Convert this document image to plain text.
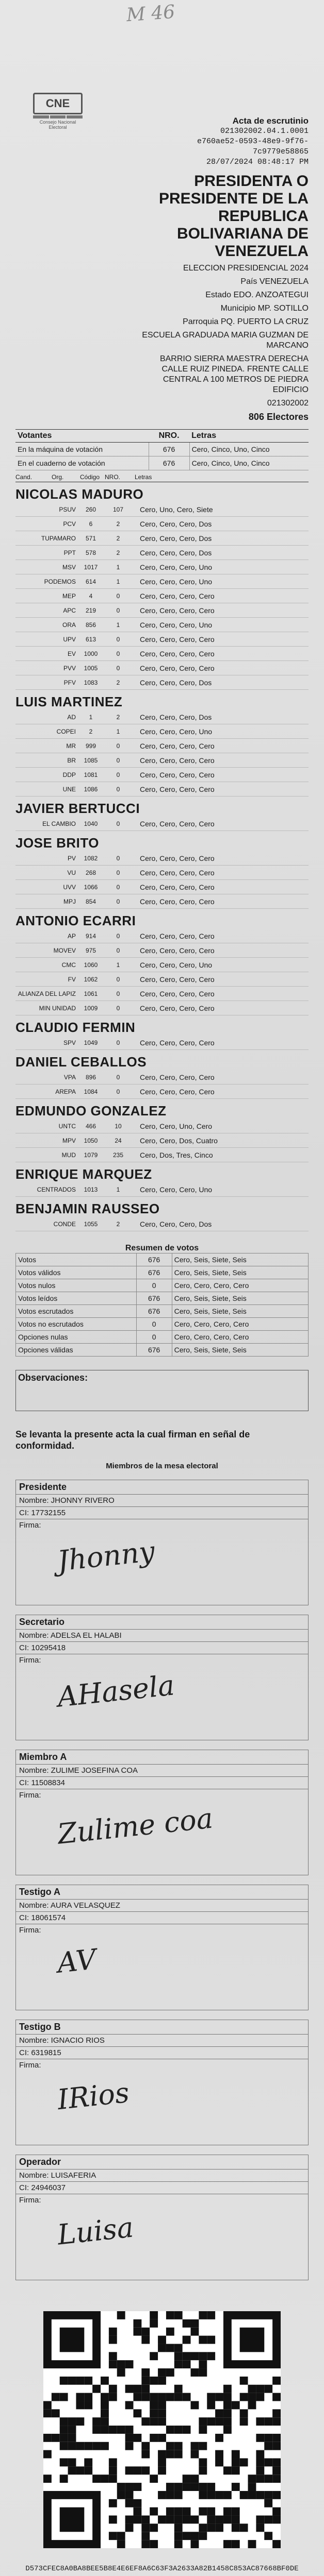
M 46
CNE
Consejo Nacional Electoral
Acta de escrutinio
021302002.04.1.0001
e760ae52-0593-48e9-9f76-
7c9779e58865
28/07/2024 08:48:17 PM
PRESIDENTA O PRESIDENTE DE LA REPUBLICA BOLIVARIANA DE VENEZUELA
ELECCION PRESIDENCIAL 2024
País VENEZUELA
Estado EDO. ANZOATEGUI
Municipio MP. SOTILLO
Parroquia PQ. PUERTO LA CRUZ
ESCUELA GRADUADA MARIA GUZMAN DE MARCANO
BARRIO SIERRA MAESTRA DERECHA CALLE RUIZ PINEDA. FRENTE CALLE CENTRAL A 100 METROS DE PIEDRA EDIFICIO
021302002
806 Electores
Votantes	NRO.	Letras
En la máquina de votación	676	Cero, Cinco, Uno, Cinco
En el cuaderno de votación	676	Cero, Cinco, Uno, Cinco
Cand.	Org.	Código NRO.	Letras
NICOLAS MADURO
PSUV	260	107	Cero, Uno, Cero, Siete
PCV	6	2	Cero, Cero, Cero, Dos
TUPAMARO	571	2	Cero, Cero, Cero, Dos
PPT	578	2	Cero, Cero, Cero, Dos
MSV	1017	1	Cero, Cero, Cero, Uno
PODEMOS	614	1	Cero, Cero, Cero, Uno
MEP	4	0	Cero, Cero, Cero, Cero
APC	219	0	Cero, Cero, Cero, Cero
ORA	856	1	Cero, Cero, Cero, Uno
UPV	613	0	Cero, Cero, Cero, Cero
EV	1000	0	Cero, Cero, Cero, Cero
PVV	1005	0	Cero, Cero, Cero, Cero
PFV	1083	2	Cero, Cero, Cero, Dos
LUIS MARTINEZ
AD	1	2	Cero, Cero, Cero, Dos
COPEI	2	1	Cero, Cero, Cero, Uno
MR	999	0	Cero, Cero, Cero, Cero
BR	1085	0	Cero, Cero, Cero, Cero
DDP	1081	0	Cero, Cero, Cero, Cero
UNE	1086	0	Cero, Cero, Cero, Cero
JAVIER BERTUCCI
EL CAMBIO	1040	0	Cero, Cero, Cero, Cero
JOSE BRITO
PV	1082	0	Cero, Cero, Cero, Cero
VU	268	0	Cero, Cero, Cero, Cero
UVV	1066	0	Cero, Cero, Cero, Cero
MPJ	854	0	Cero, Cero, Cero, Cero
ANTONIO ECARRI
AP	914	0	Cero, Cero, Cero, Cero
MOVEV	975	0	Cero, Cero, Cero, Cero
CMC	1060	1	Cero, Cero, Cero, Uno
FV	1062	0	Cero, Cero, Cero, Cero
ALIANZA DEL LAPIZ	1061	0	Cero, Cero, Cero, Cero
MIN UNIDAD	1009	0	Cero, Cero, Cero, Cero
CLAUDIO FERMIN
SPV	1049	0	Cero, Cero, Cero, Cero
DANIEL CEBALLOS
VPA	896	0	Cero, Cero, Cero, Cero
AREPA	1084	0	Cero, Cero, Cero, Cero
EDMUNDO GONZALEZ
UNTC	466	10	Cero, Cero, Uno, Cero
MPV	1050	24	Cero, Cero, Dos, Cuatro
MUD	1079	235	Cero, Dos, Tres, Cinco
ENRIQUE MARQUEZ
CENTRADOS	1013	1	Cero, Cero, Cero, Uno
BENJAMIN RAUSSEO
CONDE	1055	2	Cero, Cero, Cero, Dos
Resumen de votos
Votos	676	Cero, Seis, Siete, Seis
Votos válidos	676	Cero, Seis, Siete, Seis
Votos nulos	0	Cero, Cero, Cero, Cero
Votos leídos	676	Cero, Seis, Siete, Seis
Votos escrutados	676	Cero, Seis, Siete, Seis
Votos no escrutados	0	Cero, Cero, Cero, Cero
Opciones nulas	0	Cero, Cero, Cero, Cero
Opciones válidas	676	Cero, Seis, Siete, Seis
Observaciones:
Se levanta la presente acta la cual firman en señal de conformidad.
Miembros de la mesa electoral
Presidente
Nombre: JHONNY RIVERO
CI: 17732155
Firma:
Jhonny
Secretario
Nombre: ADELSA EL HALABI
CI: 10295418
Firma:
AHasela
Miembro A
Nombre: ZULIME JOSEFINA COA
CI: 11508834
Firma:
Zulime coa
Testigo A
Nombre: AURA VELASQUEZ
CI: 18061574
Firma:
AV
Testigo B
Nombre: IGNACIO RIOS
CI: 6319815
Firma:
IRios
Operador
Nombre: LUISAFERIA
CI: 24946037
Firma:
Luisa
D573CFEC8A0BA8BEE5B8E4E6EF8A6C63F3A2633A82B1458C853AC87668BF0DE
